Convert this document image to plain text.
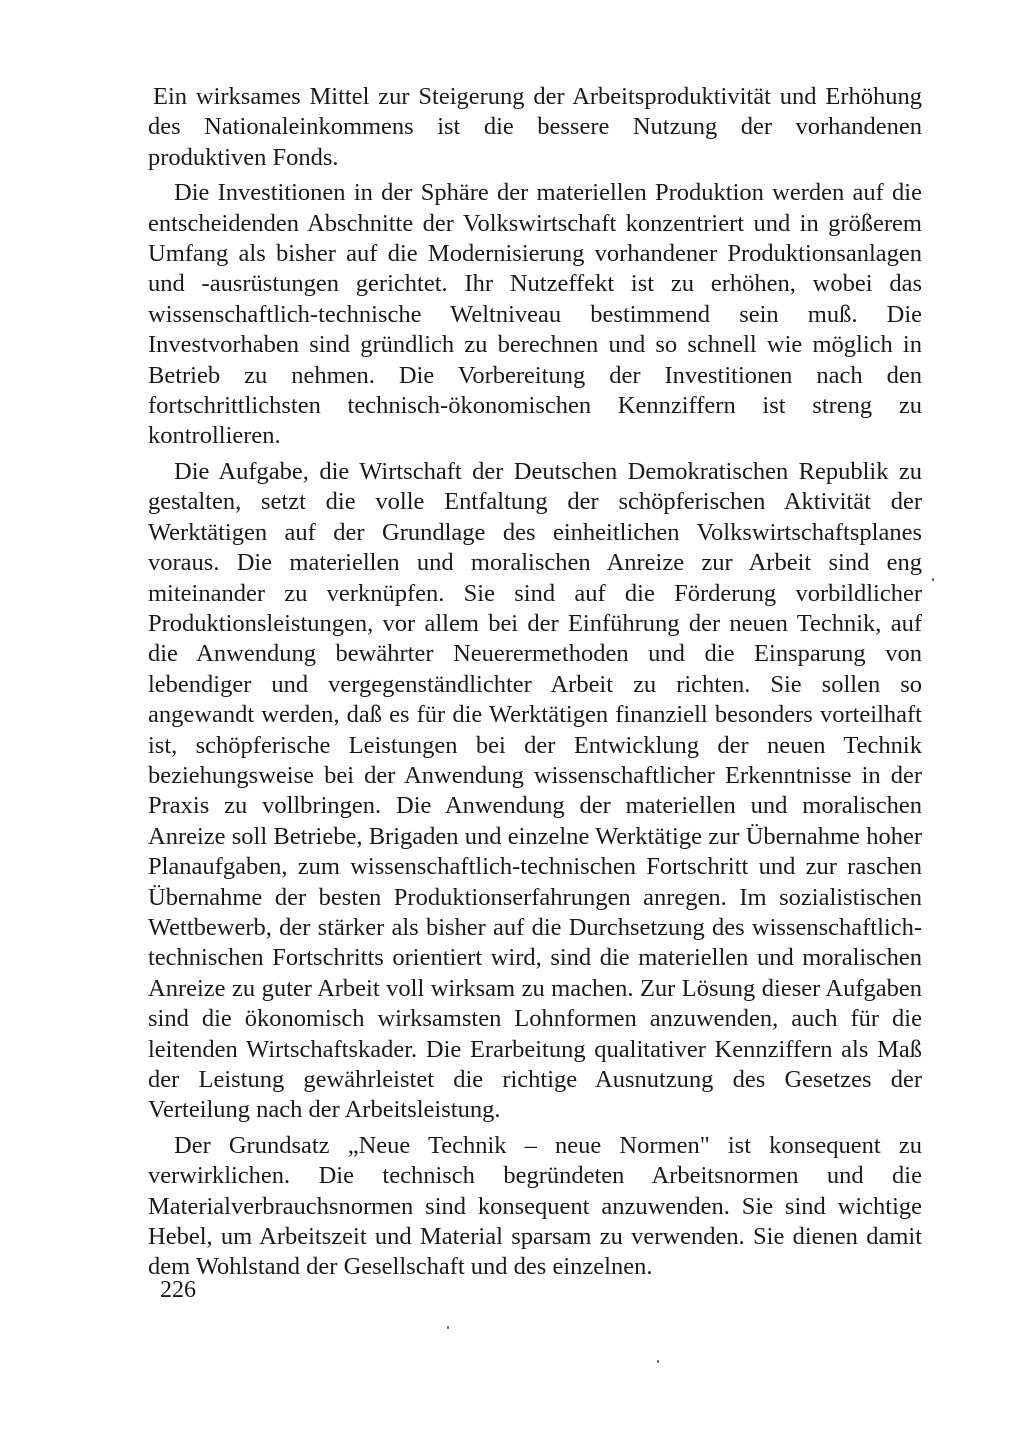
Ein wirksames Mittel zur Steigerung der Arbeitsproduktivität und Erhöhung des Nationaleinkommens ist die bessere Nutzung der vorhandenen produktiven Fonds.

Die Investitionen in der Sphäre der materiellen Produktion werden auf die entscheidenden Abschnitte der Volkswirtschaft konzentriert und in größerem Umfang als bisher auf die Modernisierung vorhandener Produktionsanlagen und -ausrüstungen gerichtet. Ihr Nutzeffekt ist zu erhöhen, wobei das wissenschaftlich-technische Weltniveau bestimmend sein muß. Die Investvorhaben sind gründlich zu berechnen und so schnell wie möglich in Betrieb zu nehmen. Die Vorbereitung der Investitionen nach den fortschrittlichsten technisch-ökonomischen Kennziffern ist streng zu kontrollieren.

Die Aufgabe, die Wirtschaft der Deutschen Demokratischen Republik zu gestalten, setzt die volle Entfaltung der schöpferischen Aktivität der Werktätigen auf der Grundlage des einheitlichen Volkswirtschaftsplanes voraus. Die materiellen und moralischen Anreize zur Arbeit sind eng miteinander zu verknüpfen. Sie sind auf die Förderung vorbildlicher Produktionsleistungen, vor allem bei der Einführung der neuen Technik, auf die Anwendung bewährter Neuerermethoden und die Einsparung von lebendiger und vergegenständlichter Arbeit zu richten. Sie sollen so angewandt werden, daß es für die Werktätigen finanziell besonders vorteilhaft ist, schöpferische Leistungen bei der Entwicklung der neuen Technik beziehungsweise bei der Anwendung wissenschaftlicher Erkenntnisse in der Praxis zu vollbringen. Die Anwendung der materiellen und moralischen Anreize soll Betriebe, Brigaden und einzelne Werktätige zur Übernahme hoher Planaufgaben, zum wissenschaftlich-technischen Fortschritt und zur raschen Übernahme der besten Produktionserfahrungen anregen. Im sozialistischen Wettbewerb, der stärker als bisher auf die Durchsetzung des wissenschaftlich-technischen Fortschritts orientiert wird, sind die materiellen und moralischen Anreize zu guter Arbeit voll wirksam zu machen. Zur Lösung dieser Aufgaben sind die ökonomisch wirksamsten Lohnformen anzuwenden, auch für die leitenden Wirtschaftskader. Die Erarbeitung qualitativer Kennziffern als Maß der Leistung gewährleistet die richtige Ausnutzung des Gesetzes der Verteilung nach der Arbeitsleistung.

Der Grundsatz „Neue Technik – neue Normen" ist konsequent zu verwirklichen. Die technisch begründeten Arbeitsnormen und die Materialverbrauchsnormen sind konsequent anzuwenden. Sie sind wichtige Hebel, um Arbeitszeit und Material sparsam zu verwenden. Sie dienen damit dem Wohlstand der Gesellschaft und des einzelnen.

226
